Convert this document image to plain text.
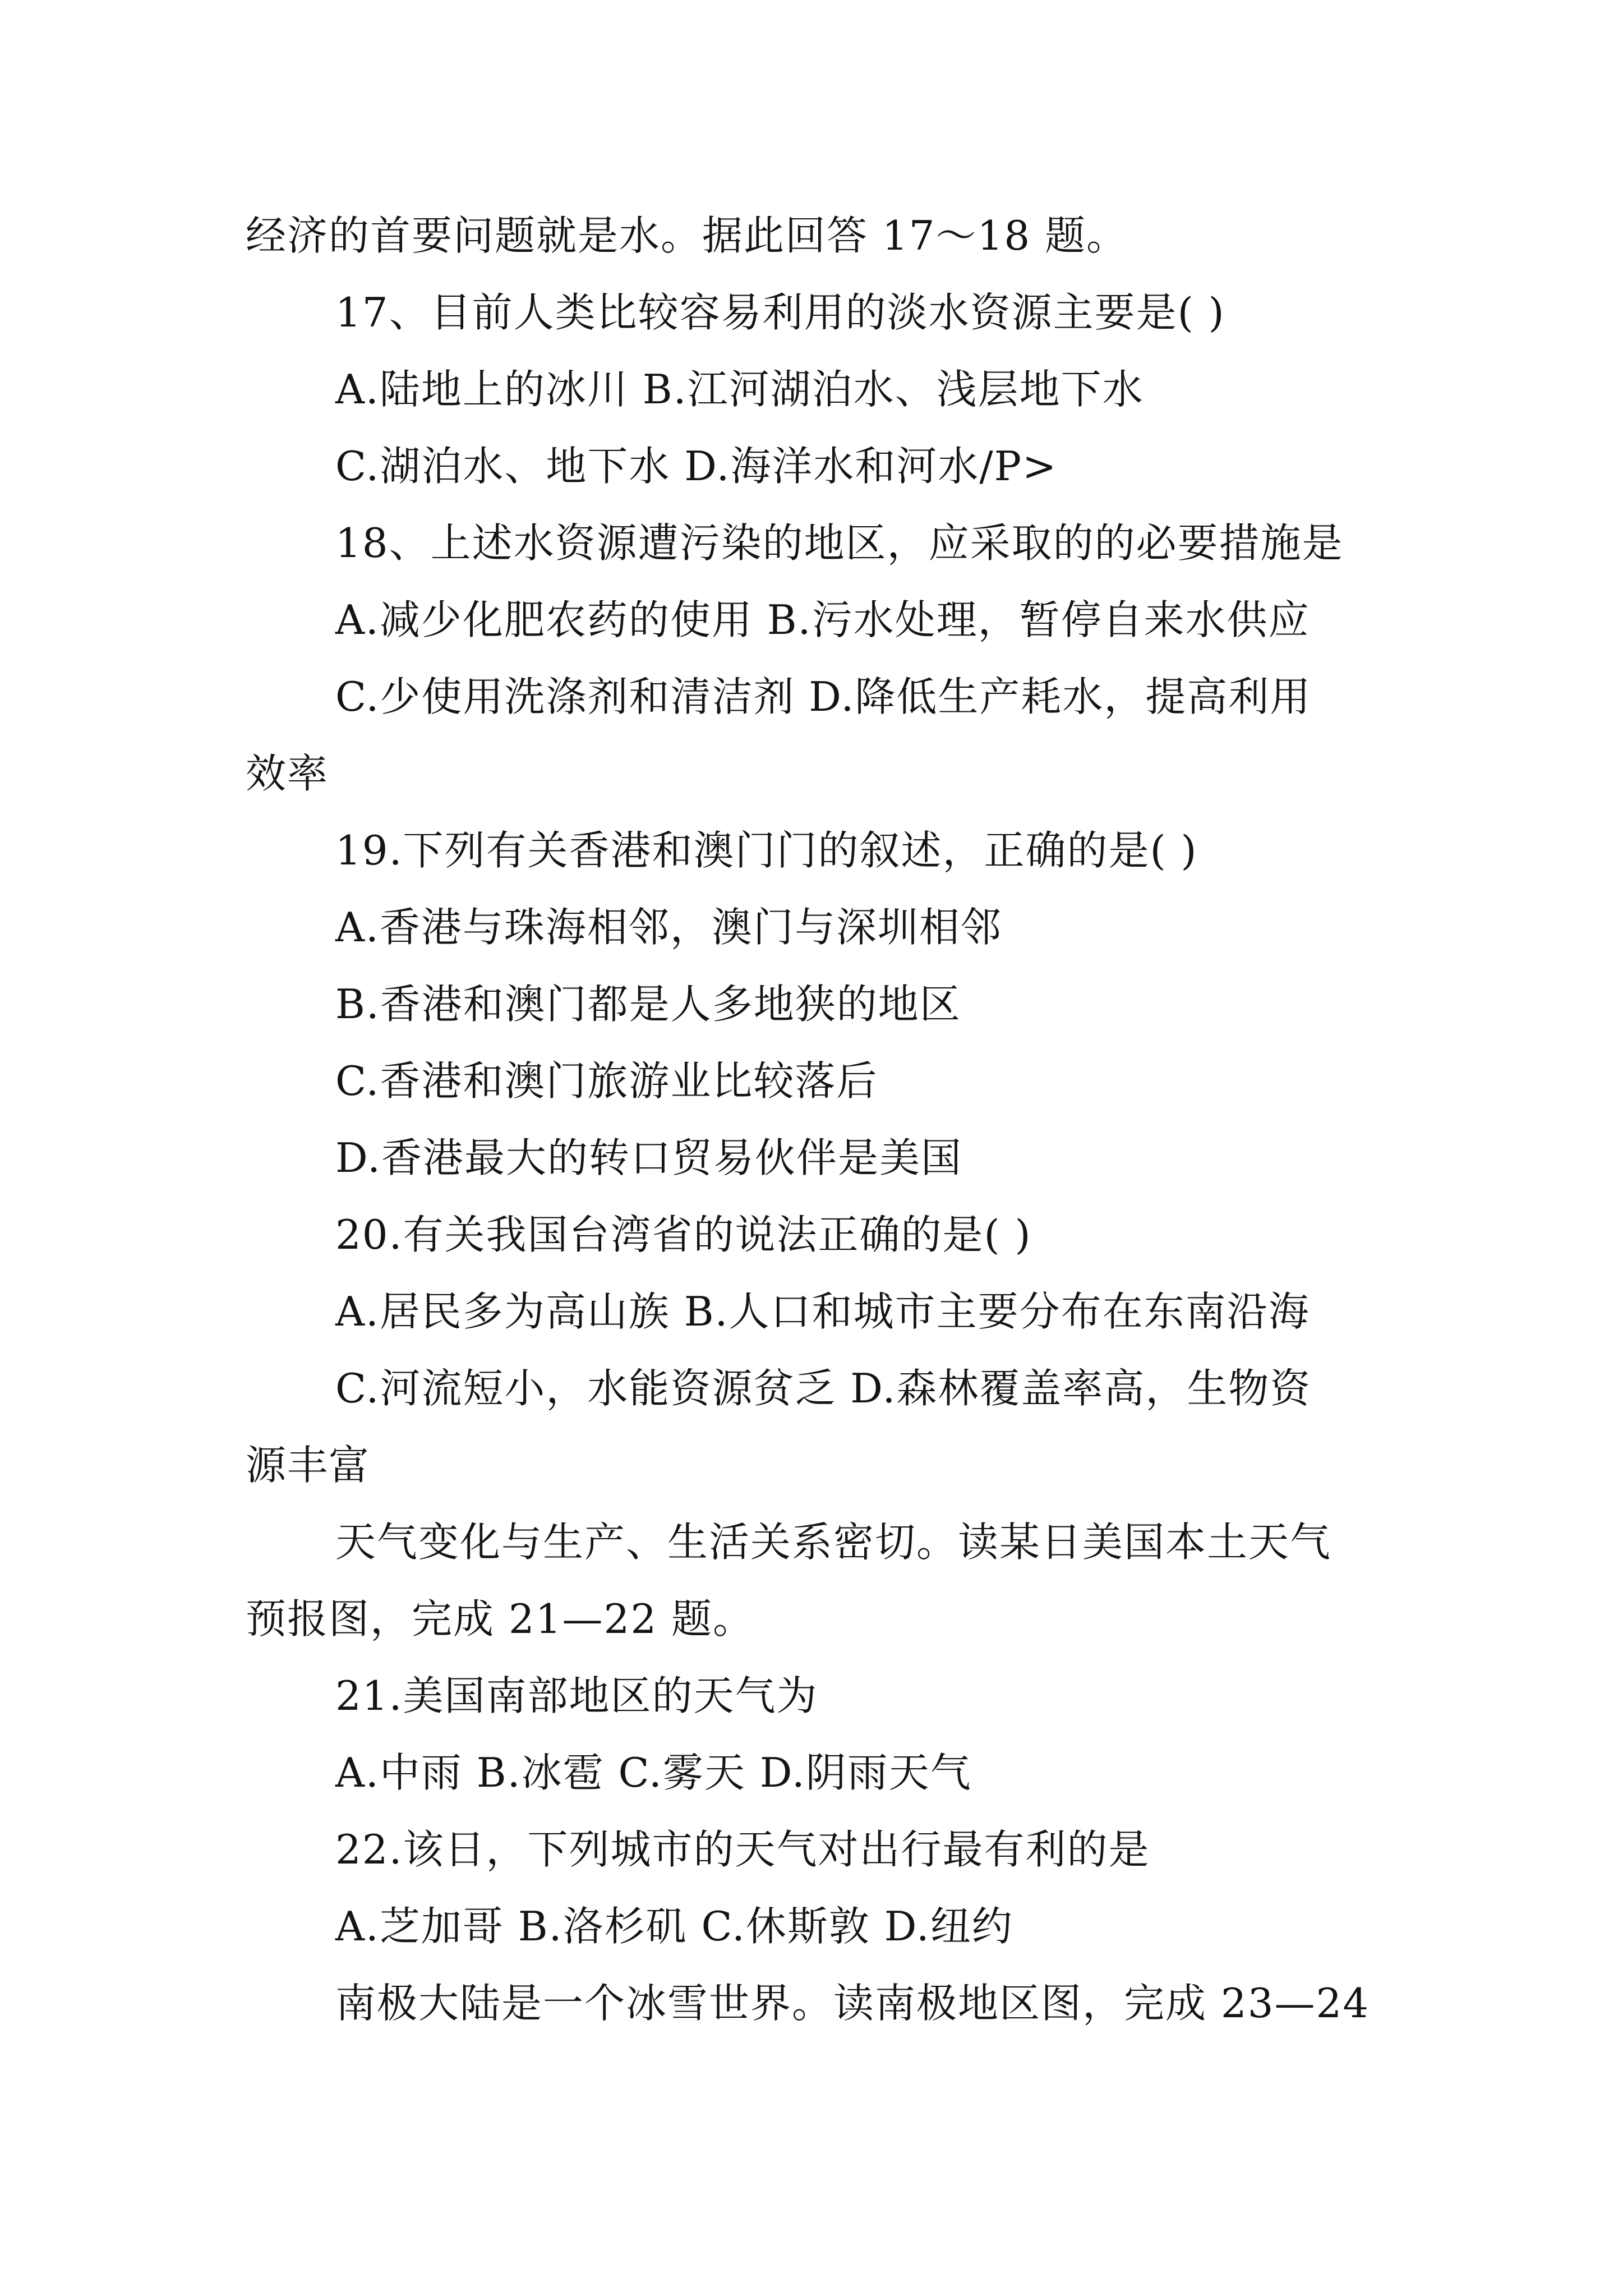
经济的首要问题就是水。据此回答 17～18 题。
17、目前人类比较容易利用的淡水资源主要是( )
A.陆地上的冰川 B.江河湖泊水、浅层地下水
C.湖泊水、地下水 D.海洋水和河水/P>
18、上述水资源遭污染的地区，应采取的的必要措施是
A.减少化肥农药的使用 B.污水处理，暂停自来水供应
C.少使用洗涤剂和清洁剂 D.降低生产耗水，提高利用
效率
19.下列有关香港和澳门门的叙述，正确的是( )
A.香港与珠海相邻，澳门与深圳相邻
B.香港和澳门都是人多地狭的地区
C.香港和澳门旅游业比较落后
D.香港最大的转口贸易伙伴是美国
20.有关我国台湾省的说法正确的是( )
A.居民多为高山族 B.人口和城市主要分布在东南沿海
C.河流短小，水能资源贫乏 D.森林覆盖率高，生物资
源丰富
天气变化与生产、生活关系密切。读某日美国本土天气
预报图，完成 21—22 题。
21.美国南部地区的天气为
A.中雨 B.冰雹 C.雾天 D.阴雨天气
22.该日，下列城市的天气对出行最有利的是
A.芝加哥 B.洛杉矶 C.休斯敦 D.纽约
南极大陆是一个冰雪世界。读南极地区图，完成 23—24
